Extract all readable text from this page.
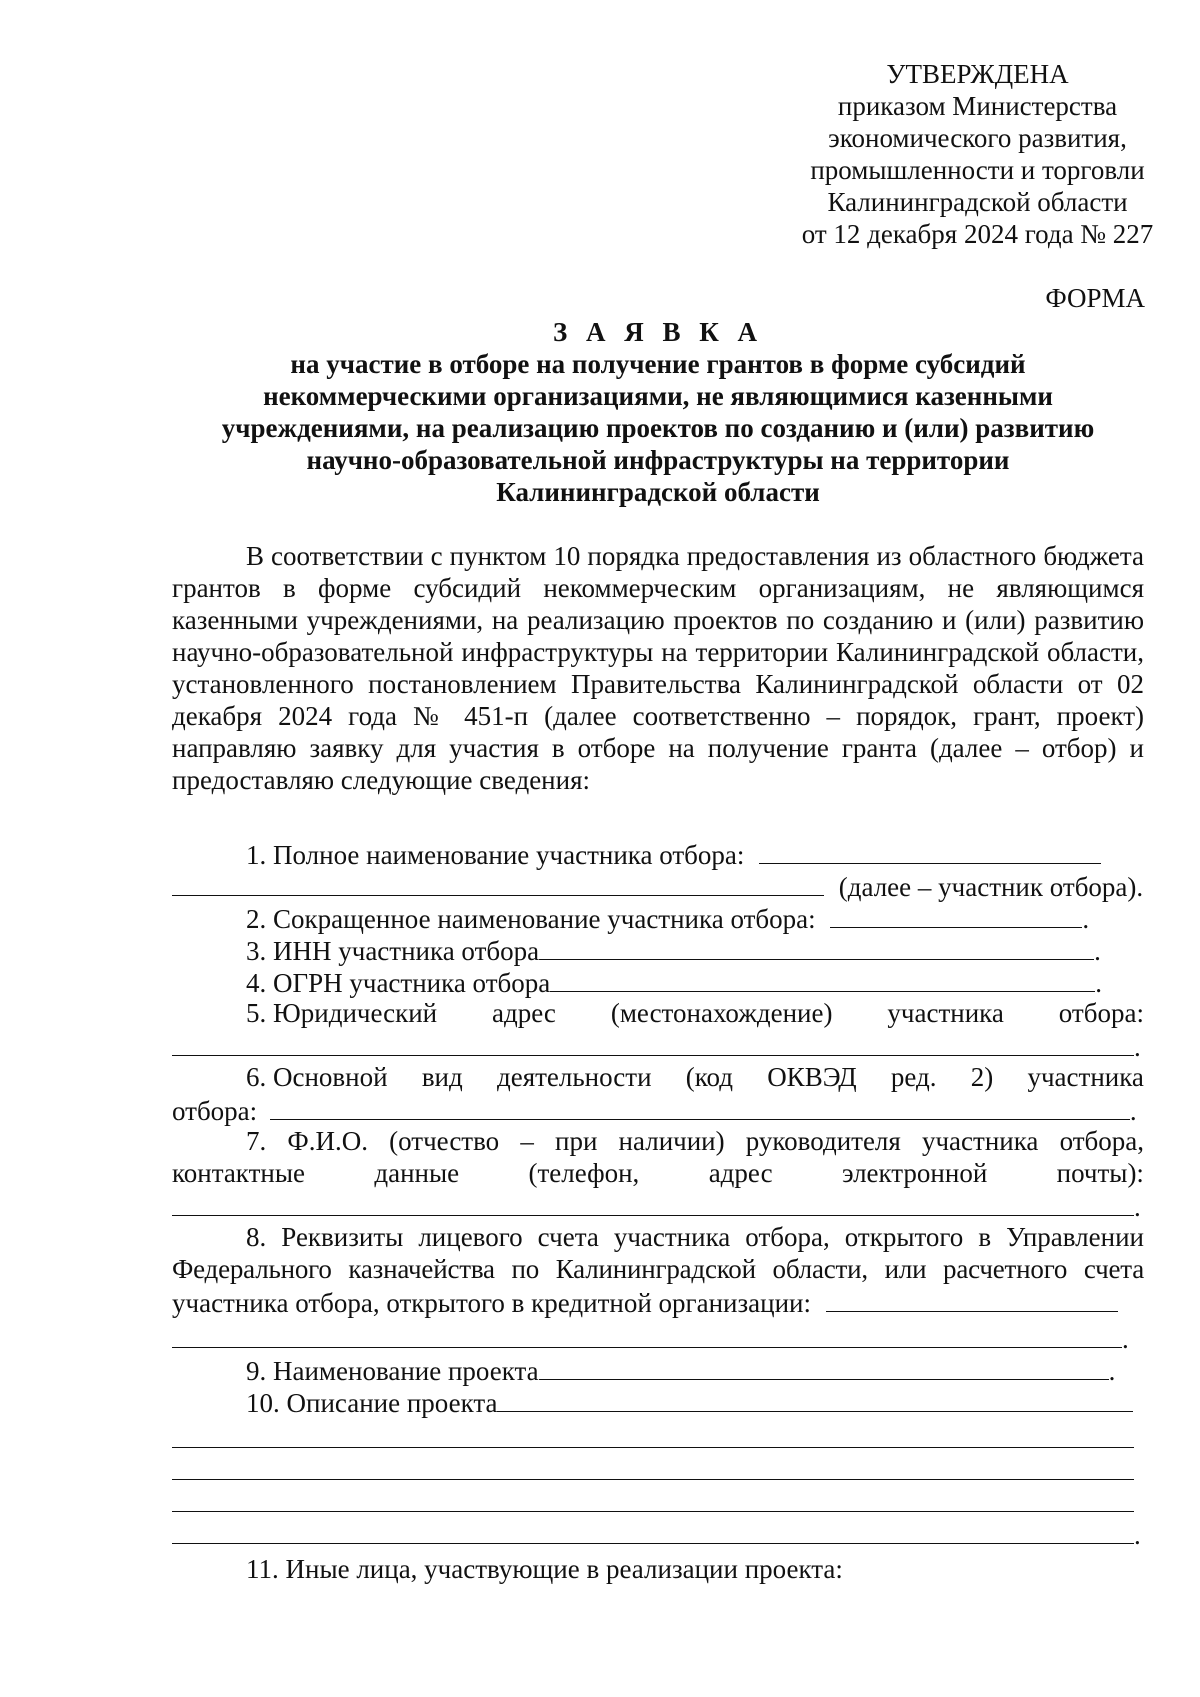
УТВЕРЖДЕНА
приказом Министерства
экономического развития,
промышленности и торговли
Калининградской области
от 12 декабря 2024 года № 227
ФОРМА
З А Я В К А
на участие в отборе на получение грантов в форме субсидий
некоммерческими организациями, не являющимися казенными
учреждениями, на реализацию проектов по созданию и (или) развитию
научно-образовательной инфраструктуры на территории
Калининградской области
В соответствии с пунктом 10 порядка предоставления из областного бюджета грантов в форме субсидий некоммерческим организациям, не являющимся казенными учреждениями, на реализацию проектов по созданию и (или) развитию научно-образовательной инфраструктуры на территории Калининградской области, установленного постановлением Правительства Калининградской области от 02 декабря 2024 года № 451-п (далее соответственно – порядок, грант, проект) направляю заявку для участия в отборе на получение гранта (далее – отбор) и предоставляю следующие сведения:
1. Полное наименование участника отбора:
(далее – участник отбора).
2. Сокращенное наименование участника отбора:	.
3. ИНН участника отбора	.
4. ОГРН участника отбора	.
5. Юридический адрес (местонахождение) участника отбора:
.
6. Основной вид деятельности (код ОКВЭД ред. 2) участника
отбора:	.
7. Ф.И.О. (отчество – при наличии) руководителя участника отбора,
контактные	данные	(телефон,	адрес	электронной	почты):
.
8. Реквизиты лицевого счета участника отбора, открытого в Управлении
Федерального казначейства по Калининградской области, или расчетного счета
участника отбора, открытого в кредитной организации:
.
9. Наименование проекта	.
10. Описание проекта
.
11. Иные лица, участвующие в реализации проекта:
